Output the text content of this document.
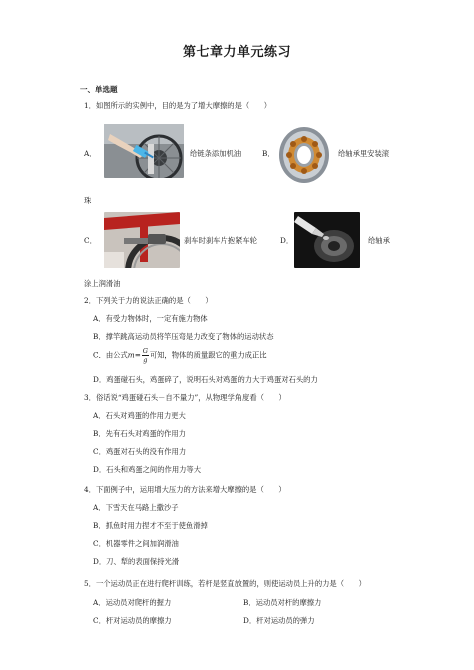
第七章力单元练习
一、单选题
1．如图所示的实例中，目的是为了增大摩擦的是（　　）
A．	给链条添加机油	B．	给轴承里安装滚
珠
C．	刹车时刹车片抱紧车轮	D．	给轴承
涂上润滑油
2．下列关于力的说法正确的是（　　）
A．有受力物体时，一定有施力物体
B．撑竿跳高运动员将竿压弯是力改变了物体的运动状态
C．由公式$m= \frac{G}{g}$ 可知，物体的质量跟它的重力成正比
D．鸡蛋碰石头，鸡蛋碎了，说明石头对鸡蛋的力大于鸡蛋对石头的力
3．俗话说“鸡蛋碰石头－自不量力”，从物理学角度看（　　）
A．石头对鸡蛋的作用力更大
B．先有石头对鸡蛋的作用力
C．鸡蛋对石头的没有作用力
D．石头和鸡蛋之间的作用力等大
4．下面例子中，运用增大压力的方法来增大摩擦的是（　　）
A．下雪天在马路上撒沙子
B．抓鱼时用力捏才不至于使鱼滑掉
C．机器零件之间加润滑油
D．刀、犁的表面保持光滑
5．一个运动员正在进行爬杆训练，若杆是竖直放置的，则使运动员上升的力是（　　）
A．运动员对爬杆的握力	B．运动员对杆的摩擦力
C．杆对运动员的摩擦力	D．杆对运动员的弹力
